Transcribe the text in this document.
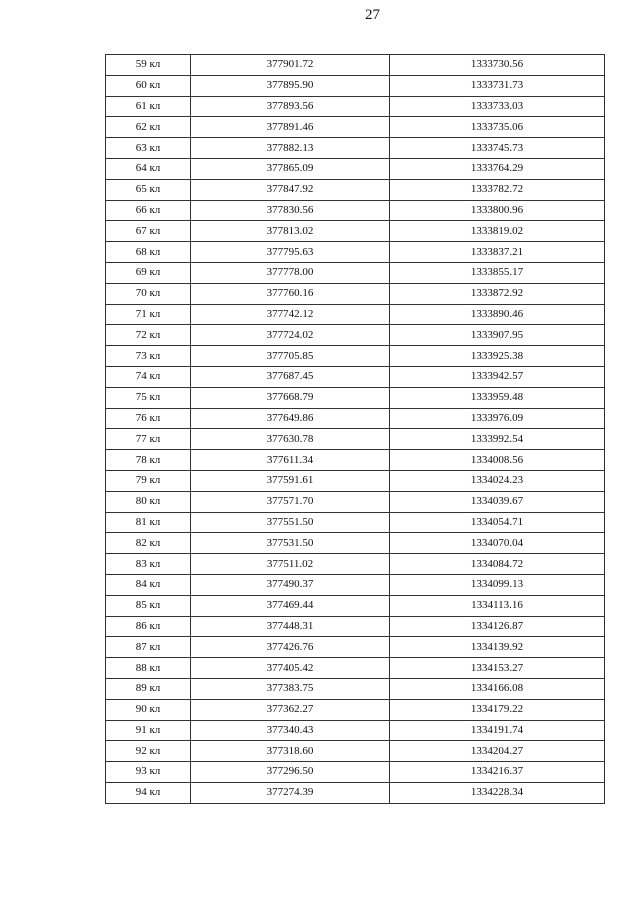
27
59 кл	377901.72	1333730.56
60 кл	377895.90	1333731.73
61 кл	377893.56	1333733.03
62 кл	377891.46	1333735.06
63 кл	377882.13	1333745.73
64 кл	377865.09	1333764.29
65 кл	377847.92	1333782.72
66 кл	377830.56	1333800.96
67 кл	377813.02	1333819.02
68 кл	377795.63	1333837.21
69 кл	377778.00	1333855.17
70 кл	377760.16	1333872.92
71 кл	377742.12	1333890.46
72 кл	377724.02	1333907.95
73 кл	377705.85	1333925.38
74 кл	377687.45	1333942.57
75 кл	377668.79	1333959.48
76 кл	377649.86	1333976.09
77 кл	377630.78	1333992.54
78 кл	377611.34	1334008.56
79 кл	377591.61	1334024.23
80 кл	377571.70	1334039.67
81 кл	377551.50	1334054.71
82 кл	377531.50	1334070.04
83 кл	377511.02	1334084.72
84 кл	377490.37	1334099.13
85 кл	377469.44	1334113.16
86 кл	377448.31	1334126.87
87 кл	377426.76	1334139.92
88 кл	377405.42	1334153.27
89 кл	377383.75	1334166.08
90 кл	377362.27	1334179.22
91 кл	377340.43	1334191.74
92 кл	377318.60	1334204.27
93 кл	377296.50	1334216.37
94 кл	377274.39	1334228.34
